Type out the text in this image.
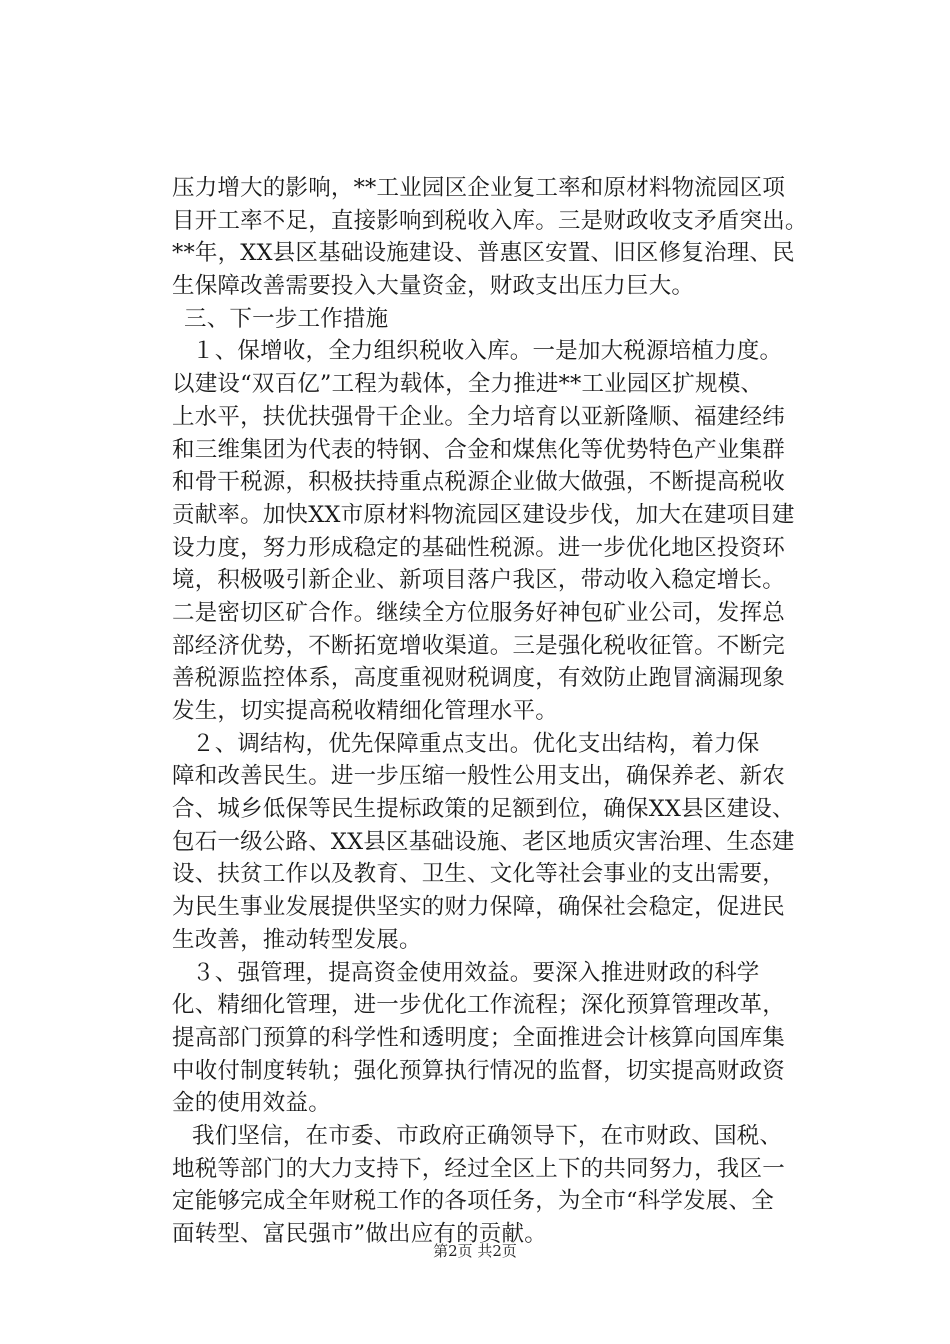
压力增大的影响，**工业园区企业复工率和原材料物流园区项
目开工率不足，直接影响到税收入库。三是财政收支矛盾突出。
**年，XX县区基础设施建设、普惠区安置、旧区修复治理、民
生保障改善需要投入大量资金，财政支出压力巨大。
三、下一步工作措施
１、保增收，全力组织税收入库。一是加大税源培植力度。
以建设“双百亿”工程为载体，全力推进**工业园区扩规模、
上水平，扶优扶强骨干企业。全力培育以亚新隆顺、福建经纬
和三维集团为代表的特钢、合金和煤焦化等优势特色产业集群
和骨干税源，积极扶持重点税源企业做大做强，不断提高税收
贡献率。加快XX市原材料物流园区建设步伐，加大在建项目建
设力度，努力形成稳定的基础性税源。进一步优化地区投资环
境，积极吸引新企业、新项目落户我区，带动收入稳定增长。
二是密切区矿合作。继续全方位服务好神包矿业公司，发挥总
部经济优势，不断拓宽增收渠道。三是强化税收征管。不断完
善税源监控体系，高度重视财税调度，有效防止跑冒滴漏现象
发生，切实提高税收精细化管理水平。
２、调结构，优先保障重点支出。优化支出结构，着力保
障和改善民生。进一步压缩一般性公用支出，确保养老、新农
合、城乡低保等民生提标政策的足额到位，确保XX县区建设、
包石一级公路、XX县区基础设施、老区地质灾害治理、生态建
设、扶贫工作以及教育、卫生、文化等社会事业的支出需要，
为民生事业发展提供坚实的财力保障，确保社会稳定，促进民
生改善，推动转型发展。
３、强管理，提高资金使用效益。要深入推进财政的科学
化、精细化管理，进一步优化工作流程；深化预算管理改革，
提高部门预算的科学性和透明度；全面推进会计核算向国库集
中收付制度转轨；强化预算执行情况的监督，切实提高财政资
金的使用效益。
我们坚信，在市委、市政府正确领导下，在市财政、国税、
地税等部门的大力支持下，经过全区上下的共同努力，我区一
定能够完成全年财税工作的各项任务，为全市“科学发展、全
面转型、富民强市”做出应有的贡献。
第2页 共2页
